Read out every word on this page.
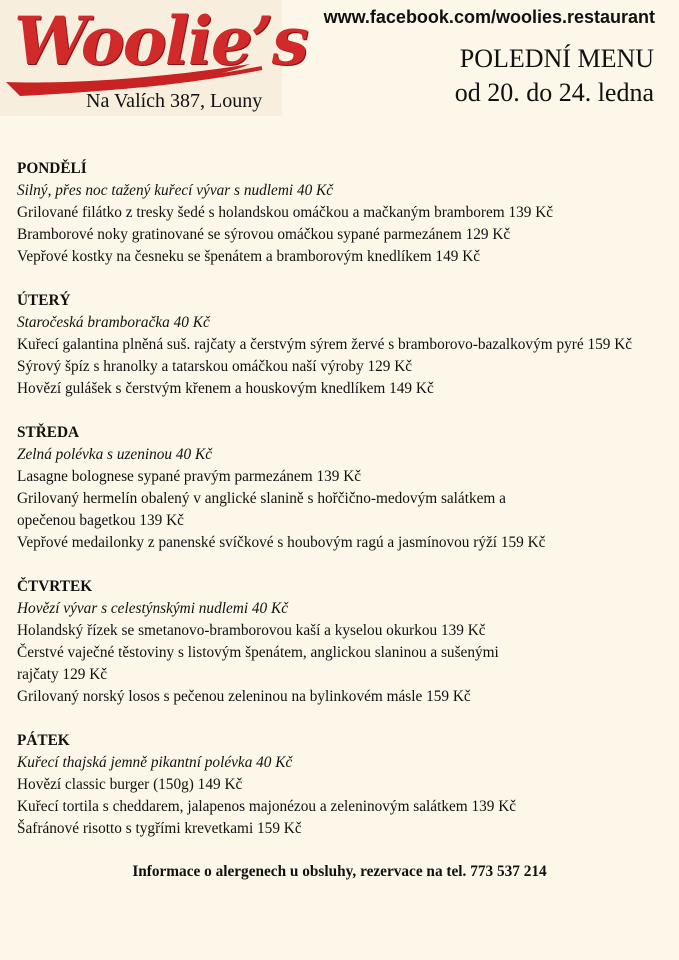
Woolie’s
Na Valích 387, Louny
www.facebook.com/woolies.restaurant
POLEDNÍ MENU
od 20. do 24. ledna
PONDĚLÍ
Silný, přes noc tažený kuřecí vývar s nudlemi 40 Kč
Grilované filátko z tresky šedé s holandskou omáčkou a mačkaným bramborem 139 Kč
Bramborové noky gratinované se sýrovou omáčkou sypané parmezánem 129 Kč
Vepřové kostky na česneku se špenátem a bramborovým knedlíkem 149 Kč
ÚTERÝ
Staročeská bramboračka 40 Kč
Kuřecí galantina plněná suš. rajčaty a čerstvým sýrem žervé s bramborovo-bazalkovým pyré 159 Kč
Sýrový špíz s hranolky a tatarskou omáčkou naší výroby 129 Kč
Hovězí gulášek s čerstvým křenem a houskovým knedlíkem 149 Kč
STŘEDA
Zelná polévka s uzeninou 40 Kč
Lasagne bolognese sypané pravým parmezánem 139 Kč
Grilovaný hermelín obalený v anglické slanině s hořčično-medovým salátkem a
opečenou bagetkou 139 Kč
Vepřové medailonky z panenské svíčkové s houbovým ragú a jasmínovou rýží 159 Kč
ČTVRTEK
Hovězí vývar s celestýnskými nudlemi 40 Kč
Holandský řízek se smetanovo-bramborovou kaší a kyselou okurkou 139 Kč
Čerstvé vaječné těstoviny s listovým špenátem, anglickou slaninou a sušenými
rajčaty 129 Kč
Grilovaný norský losos s pečenou zeleninou na bylinkovém másle 159 Kč
PÁTEK
Kuřecí thajská jemně pikantní polévka 40 Kč
Hovězí classic burger (150g) 149 Kč
Kuřecí tortila s cheddarem, jalapenos majonézou a zeleninovým salátkem 139 Kč
Šafránové risotto s tygřími krevetkami 159 Kč
Informace o alergenech u obsluhy, rezervace na tel. 773 537 214
